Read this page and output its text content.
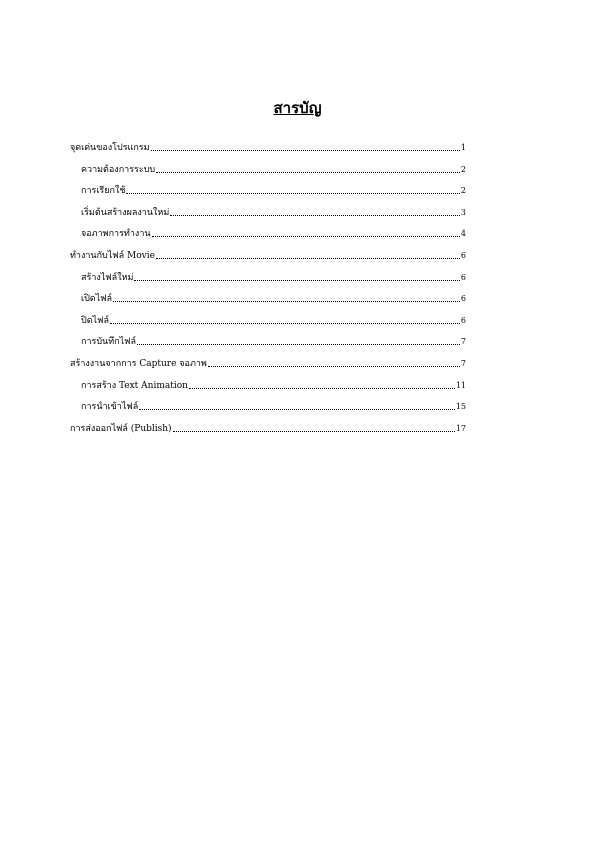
สารบัญ
จุดเด่นของโปรแกรม	1
ความต้องการระบบ	2
การเรียกใช้	2
เริ่มต้นสร้างผลงานใหม่	3
จอภาพการทำงาน	4
ทำงานกับไฟล์ Movie	6
สร้างไฟล์ใหม่	6
เปิดไฟล์	6
ปิดไฟล์	6
การบันทึกไฟล์	7
สร้างงานจากการ Capture จอภาพ	7
การสร้าง Text Animation	11
การนำเข้าไฟล์	15
การส่งออกไฟล์ (Publish)	17
